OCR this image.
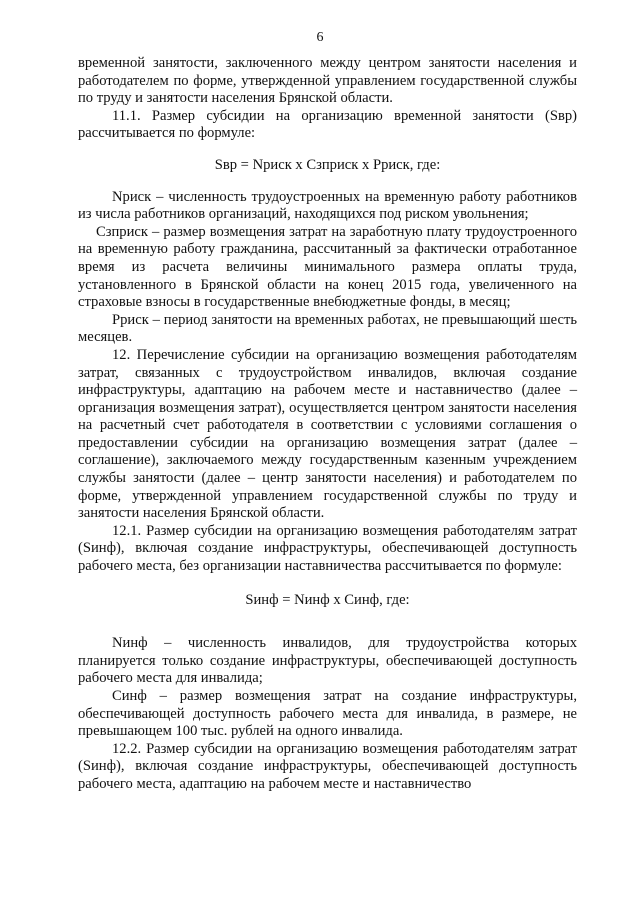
6

временной занятости, заключенного между центром занятости населения и работодателем по форме, утвержденной управлением государственной службы по труду и занятости населения Брянской области.

11.1. Размер субсидии на организацию временной занятости (Sвр) рассчитывается по формуле:

Sвр = Nриск x Сзприск x Рриск, где:

Nриск – численность трудоустроенных на временную работу работников из числа работников организаций, находящихся под риском увольнения;

Сзприск – размер возмещения затрат на заработную плату трудоустроенного на временную работу гражданина, рассчитанный за фактически отработанное время из расчета величины минимального размера оплаты труда, установленного в Брянской области на конец 2015 года, увеличенного на страховые взносы в государственные внебюджетные фонды, в месяц;

Рриск – период занятости на временных работах, не превышающий шесть месяцев.

12. Перечисление субсидии на организацию возмещения работодателям затрат, связанных с трудоустройством инвалидов, включая создание инфраструктуры, адаптацию на рабочем месте и наставничество (далее – организация возмещения затрат), осуществляется центром занятости населения на расчетный счет работодателя в соответствии с условиями соглашения о предоставлении субсидии на организацию возмещения затрат (далее – соглашение), заключаемого между государственным казенным учреждением службы занятости (далее – центр занятости населения) и работодателем по форме, утвержденной управлением государственной службы по труду и занятости населения Брянской области.

12.1. Размер субсидии на организацию возмещения работодателям затрат (Sинф), включая создание инфраструктуры, обеспечивающей доступность рабочего места, без организации наставничества рассчитывается по формуле:

Sинф = Nинф x Синф, где:

Nинф – численность инвалидов, для трудоустройства которых планируется только создание инфраструктуры, обеспечивающей доступность рабочего места для инвалида;

Синф – размер возмещения затрат на создание инфраструктуры, обеспечивающей доступность рабочего места для инвалида, в размере, не превышающем 100 тыс. рублей на одного инвалида.

12.2. Размер субсидии на организацию возмещения работодателям затрат (Sинф), включая создание инфраструктуры, обеспечивающей доступность рабочего места, адаптацию на рабочем месте и наставничество
